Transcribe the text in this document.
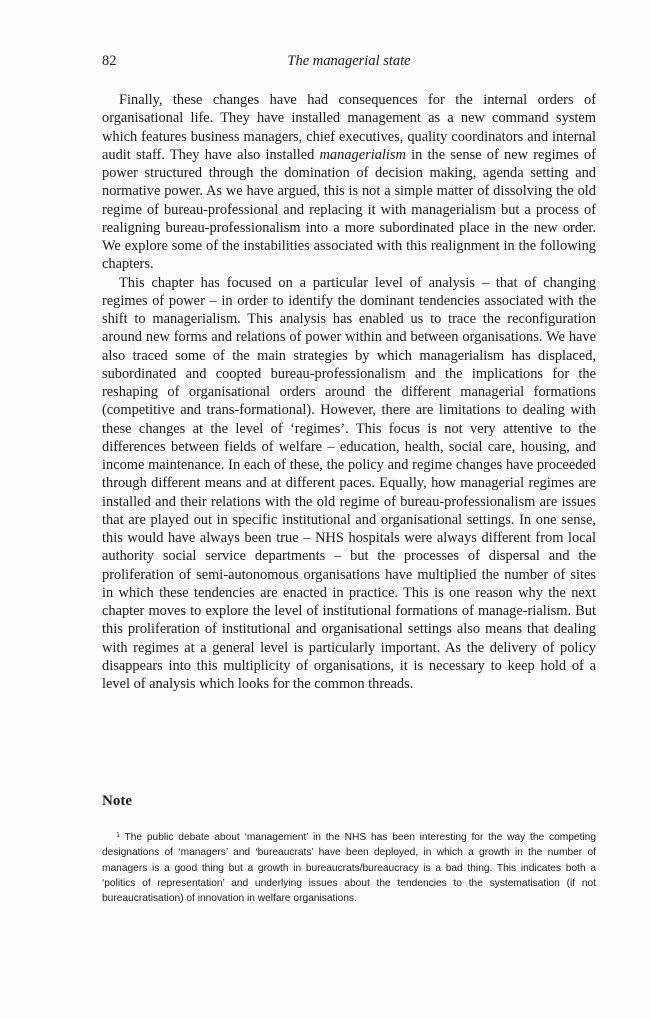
82	The managerial state

Finally, these changes have had consequences for the internal orders of organisational life. They have installed management as a new command system which features business managers, chief executives, quality coordinators and internal audit staff. They have also installed managerialism in the sense of new regimes of power structured through the domination of decision making, agenda setting and normative power. As we have argued, this is not a simple matter of dissolving the old regime of bureau-professional and replacing it with managerialism but a process of realigning bureau-professionalism into a more subordinated place in the new order. We explore some of the instabilities associated with this realignment in the following chapters.

This chapter has focused on a particular level of analysis – that of changing regimes of power – in order to identify the dominant tendencies associated with the shift to managerialism. This analysis has enabled us to trace the reconfiguration around new forms and relations of power within and between organisations. We have also traced some of the main strategies by which managerialism has displaced, subordinated and coopted bureau-professionalism and the implications for the reshaping of organisational orders around the different managerial formations (competitive and trans-formational). However, there are limitations to dealing with these changes at the level of ‘regimes’. This focus is not very attentive to the differences between fields of welfare – education, health, social care, housing, and income maintenance. In each of these, the policy and regime changes have proceeded through different means and at different paces. Equally, how managerial regimes are installed and their relations with the old regime of bureau-professionalism are issues that are played out in specific institutional and organisational settings. In one sense, this would have always been true – NHS hospitals were always different from local authority social service departments – but the processes of dispersal and the proliferation of semi-autonomous organisations have multiplied the number of sites in which these tendencies are enacted in practice. This is one reason why the next chapter moves to explore the level of institutional formations of manage-rialism. But this proliferation of institutional and organisational settings also means that dealing with regimes at a general level is particularly important. As the delivery of policy disappears into this multiplicity of organisations, it is necessary to keep hold of a level of analysis which looks for the common threads.

Note
$^1$ The public debate about ‘management’ in the NHS has been interesting for the way the competing designations of ‘managers’ and ‘bureaucrats’ have been deployed, in which a growth in the number of managers is a good thing but a growth in bureaucrats/bureaucracy is a bad thing. This indicates both a ‘politics of representation’ and underlying issues about the tendencies to the systematisation (if not bureaucratisation) of innovation in welfare organisations.
